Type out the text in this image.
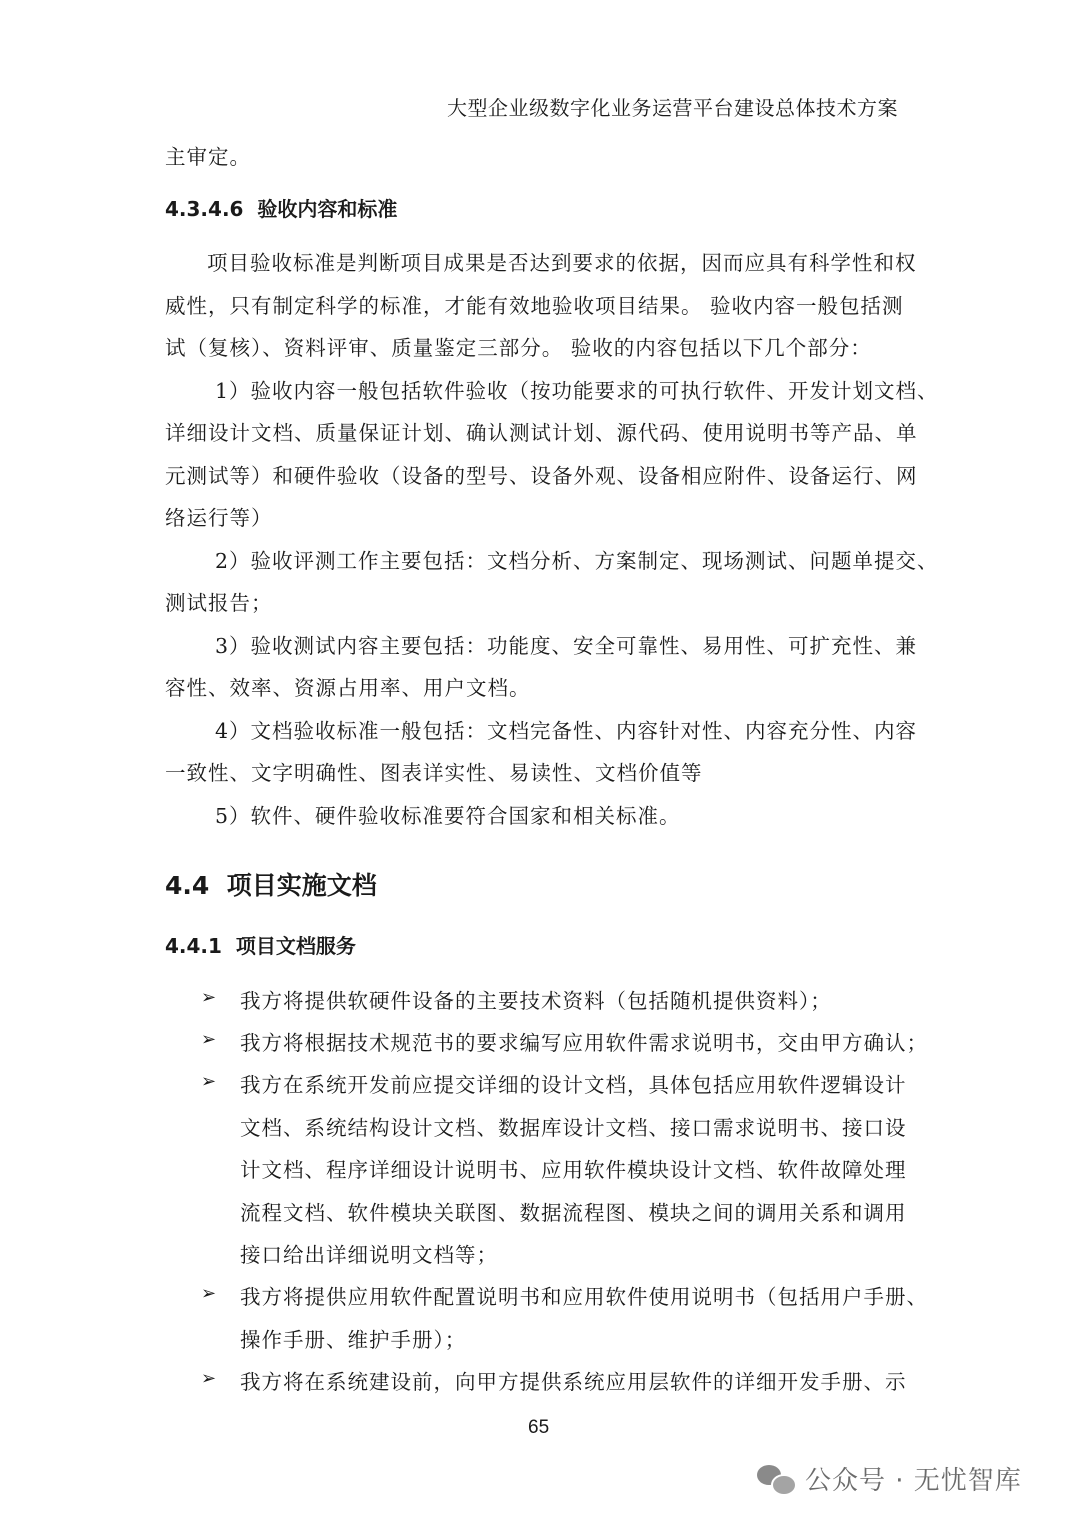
大型企业级数字化业务运营平台建设总体技术方案
主审定。
4.3.4.6 验收内容和标准
项目验收标准是判断项目成果是否达到要求的依据，因而应具有科学性和权
威性，只有制定科学的标准，才能有效地验收项目结果。 验收内容一般包括测
试（复核）、资料评审、质量鉴定三部分。 验收的内容包括以下几个部分：
1）验收内容一般包括软件验收（按功能要求的可执行软件、开发计划文档、
详细设计文档、质量保证计划、确认测试计划、源代码、使用说明书等产品、单
元测试等）和硬件验收（设备的型号、设备外观、设备相应附件、设备运行、网
络运行等）
2）验收评测工作主要包括：文档分析、方案制定、现场测试、问题单提交、
测试报告；
3）验收测试内容主要包括：功能度、安全可靠性、易用性、可扩充性、兼
容性、效率、资源占用率、用户文档。
4）文档验收标准一般包括：文档完备性、内容针对性、内容充分性、内容
一致性、文字明确性、图表详实性、易读性、文档价值等
5）软件、硬件验收标准要符合国家和相关标准。
4.4 项目实施文档
4.4.1 项目文档服务
➢ 我方将提供软硬件设备的主要技术资料（包括随机提供资料）；
➢ 我方将根据技术规范书的要求编写应用软件需求说明书，交由甲方确认；
➢ 我方在系统开发前应提交详细的设计文档，具体包括应用软件逻辑设计
文档、系统结构设计文档、数据库设计文档、接口需求说明书、接口设
计文档、程序详细设计说明书、应用软件模块设计文档、软件故障处理
流程文档、软件模块关联图、数据流程图、模块之间的调用关系和调用
接口给出详细说明文档等；
➢ 我方将提供应用软件配置说明书和应用软件使用说明书（包括用户手册、
操作手册、维护手册）；
➢ 我方将在系统建设前，向甲方提供系统应用层软件的详细开发手册、示
65
公众号 · 无忧智库
